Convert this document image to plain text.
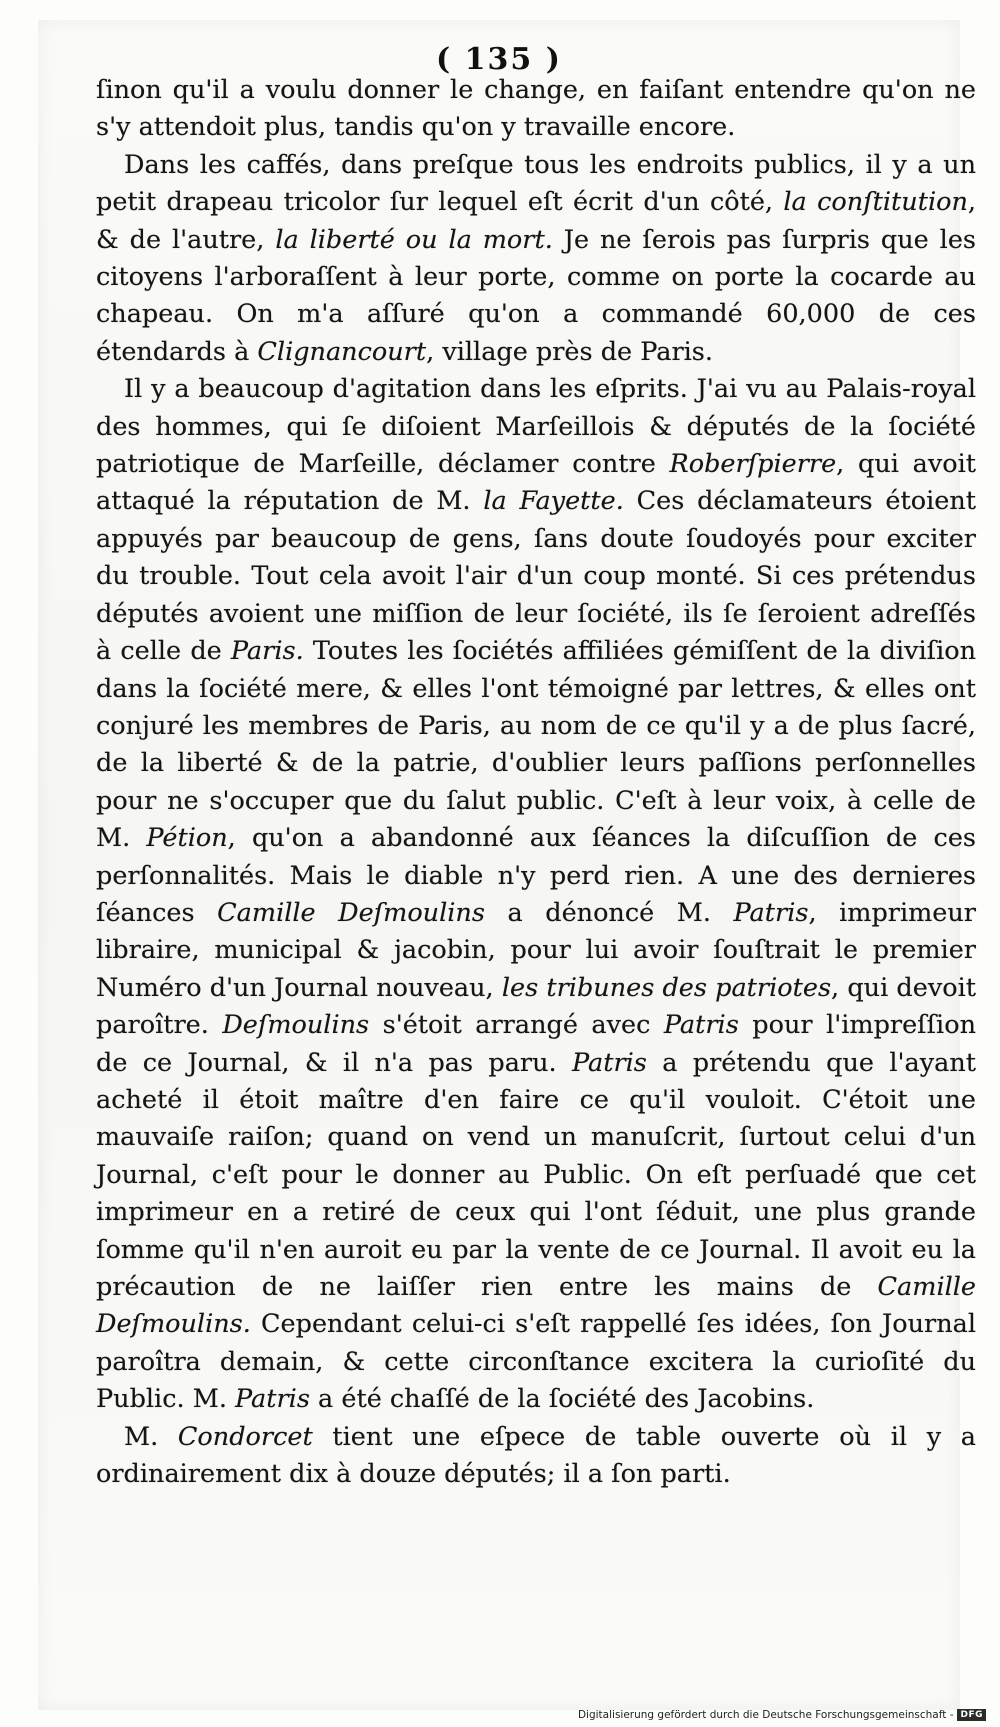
( 135 )

ſinon qu'il a voulu donner le change, en faiſant entendre qu'on ne s'y attendoit plus, tandis qu'on y travaille encore.

Dans les caffés, dans preſque tous les endroits publics, il y a un petit drapeau tricolor ſur lequel eſt écrit d'un côté, la conſtitution, & de l'autre, la liberté ou la mort. Je ne ſerois pas ſurpris que les citoyens l'arboraſſent à leur porte, comme on porte la cocarde au chapeau. On m'a aſſuré qu'on a commandé 60,000 de ces étendards à Clignancourt, village près de Paris.

Il y a beaucoup d'agitation dans les eſprits. J'ai vu au Palais-royal des hommes, qui ſe diſoient Marſeillois & députés de la ſociété patriotique de Marſeille, déclamer contre Roberſpierre, qui avoit attaqué la réputation de M. la Fayette. Ces déclamateurs étoient appuyés par beaucoup de gens, ſans doute ſoudoyés pour exciter du trouble. Tout cela avoit l'air d'un coup monté. Si ces prétendus députés avoient une miſſion de leur ſociété, ils ſe ſeroient adreſſés à celle de Paris. Toutes les ſociétés affiliées gémiſſent de la diviſion dans la ſociété mere, & elles l'ont témoigné par lettres, & elles ont conjuré les membres de Paris, au nom de ce qu'il y a de plus ſacré, de la liberté & de la patrie, d'oublier leurs paſſions perſonnelles pour ne s'occuper que du ſalut public. C'eſt à leur voix, à celle de M. Pétion, qu'on a abandonné aux ſéances la diſcuſſion de ces perſonnalités. Mais le diable n'y perd rien. A une des dernieres ſéances Camille Deſmoulins a dénoncé M. Patris, imprimeur libraire, municipal & jacobin, pour lui avoir ſouſtrait le premier Numéro d'un Journal nouveau, les tribunes des patriotes, qui devoit paroître. Deſmoulins s'étoit arrangé avec Patris pour l'impreſſion de ce Journal, & il n'a pas paru. Patris a prétendu que l'ayant acheté il étoit maître d'en faire ce qu'il vouloit. C'étoit une mauvaiſe raiſon; quand on vend un manuſcrit, ſurtout celui d'un Journal, c'eſt pour le donner au Public. On eſt perſuadé que cet imprimeur en a retiré de ceux qui l'ont ſéduit, une plus grande ſomme qu'il n'en auroit eu par la vente de ce Journal. Il avoit eu la précaution de ne laiſſer rien entre les mains de Camille Deſmoulins. Cependant celui-ci s'eſt rappellé ſes idées, ſon Journal paroîtra demain, & cette circonſtance excitera la curioſité du Public. M. Patris a été chaſſé de la ſociété des Jacobins.

M. Condorcet tient une eſpece de table ouverte où il y a ordinairement dix à douze députés; il a ſon parti.

Digitalisierung gefördert durch die Deutsche Forschungsgemeinschaft - DFG
